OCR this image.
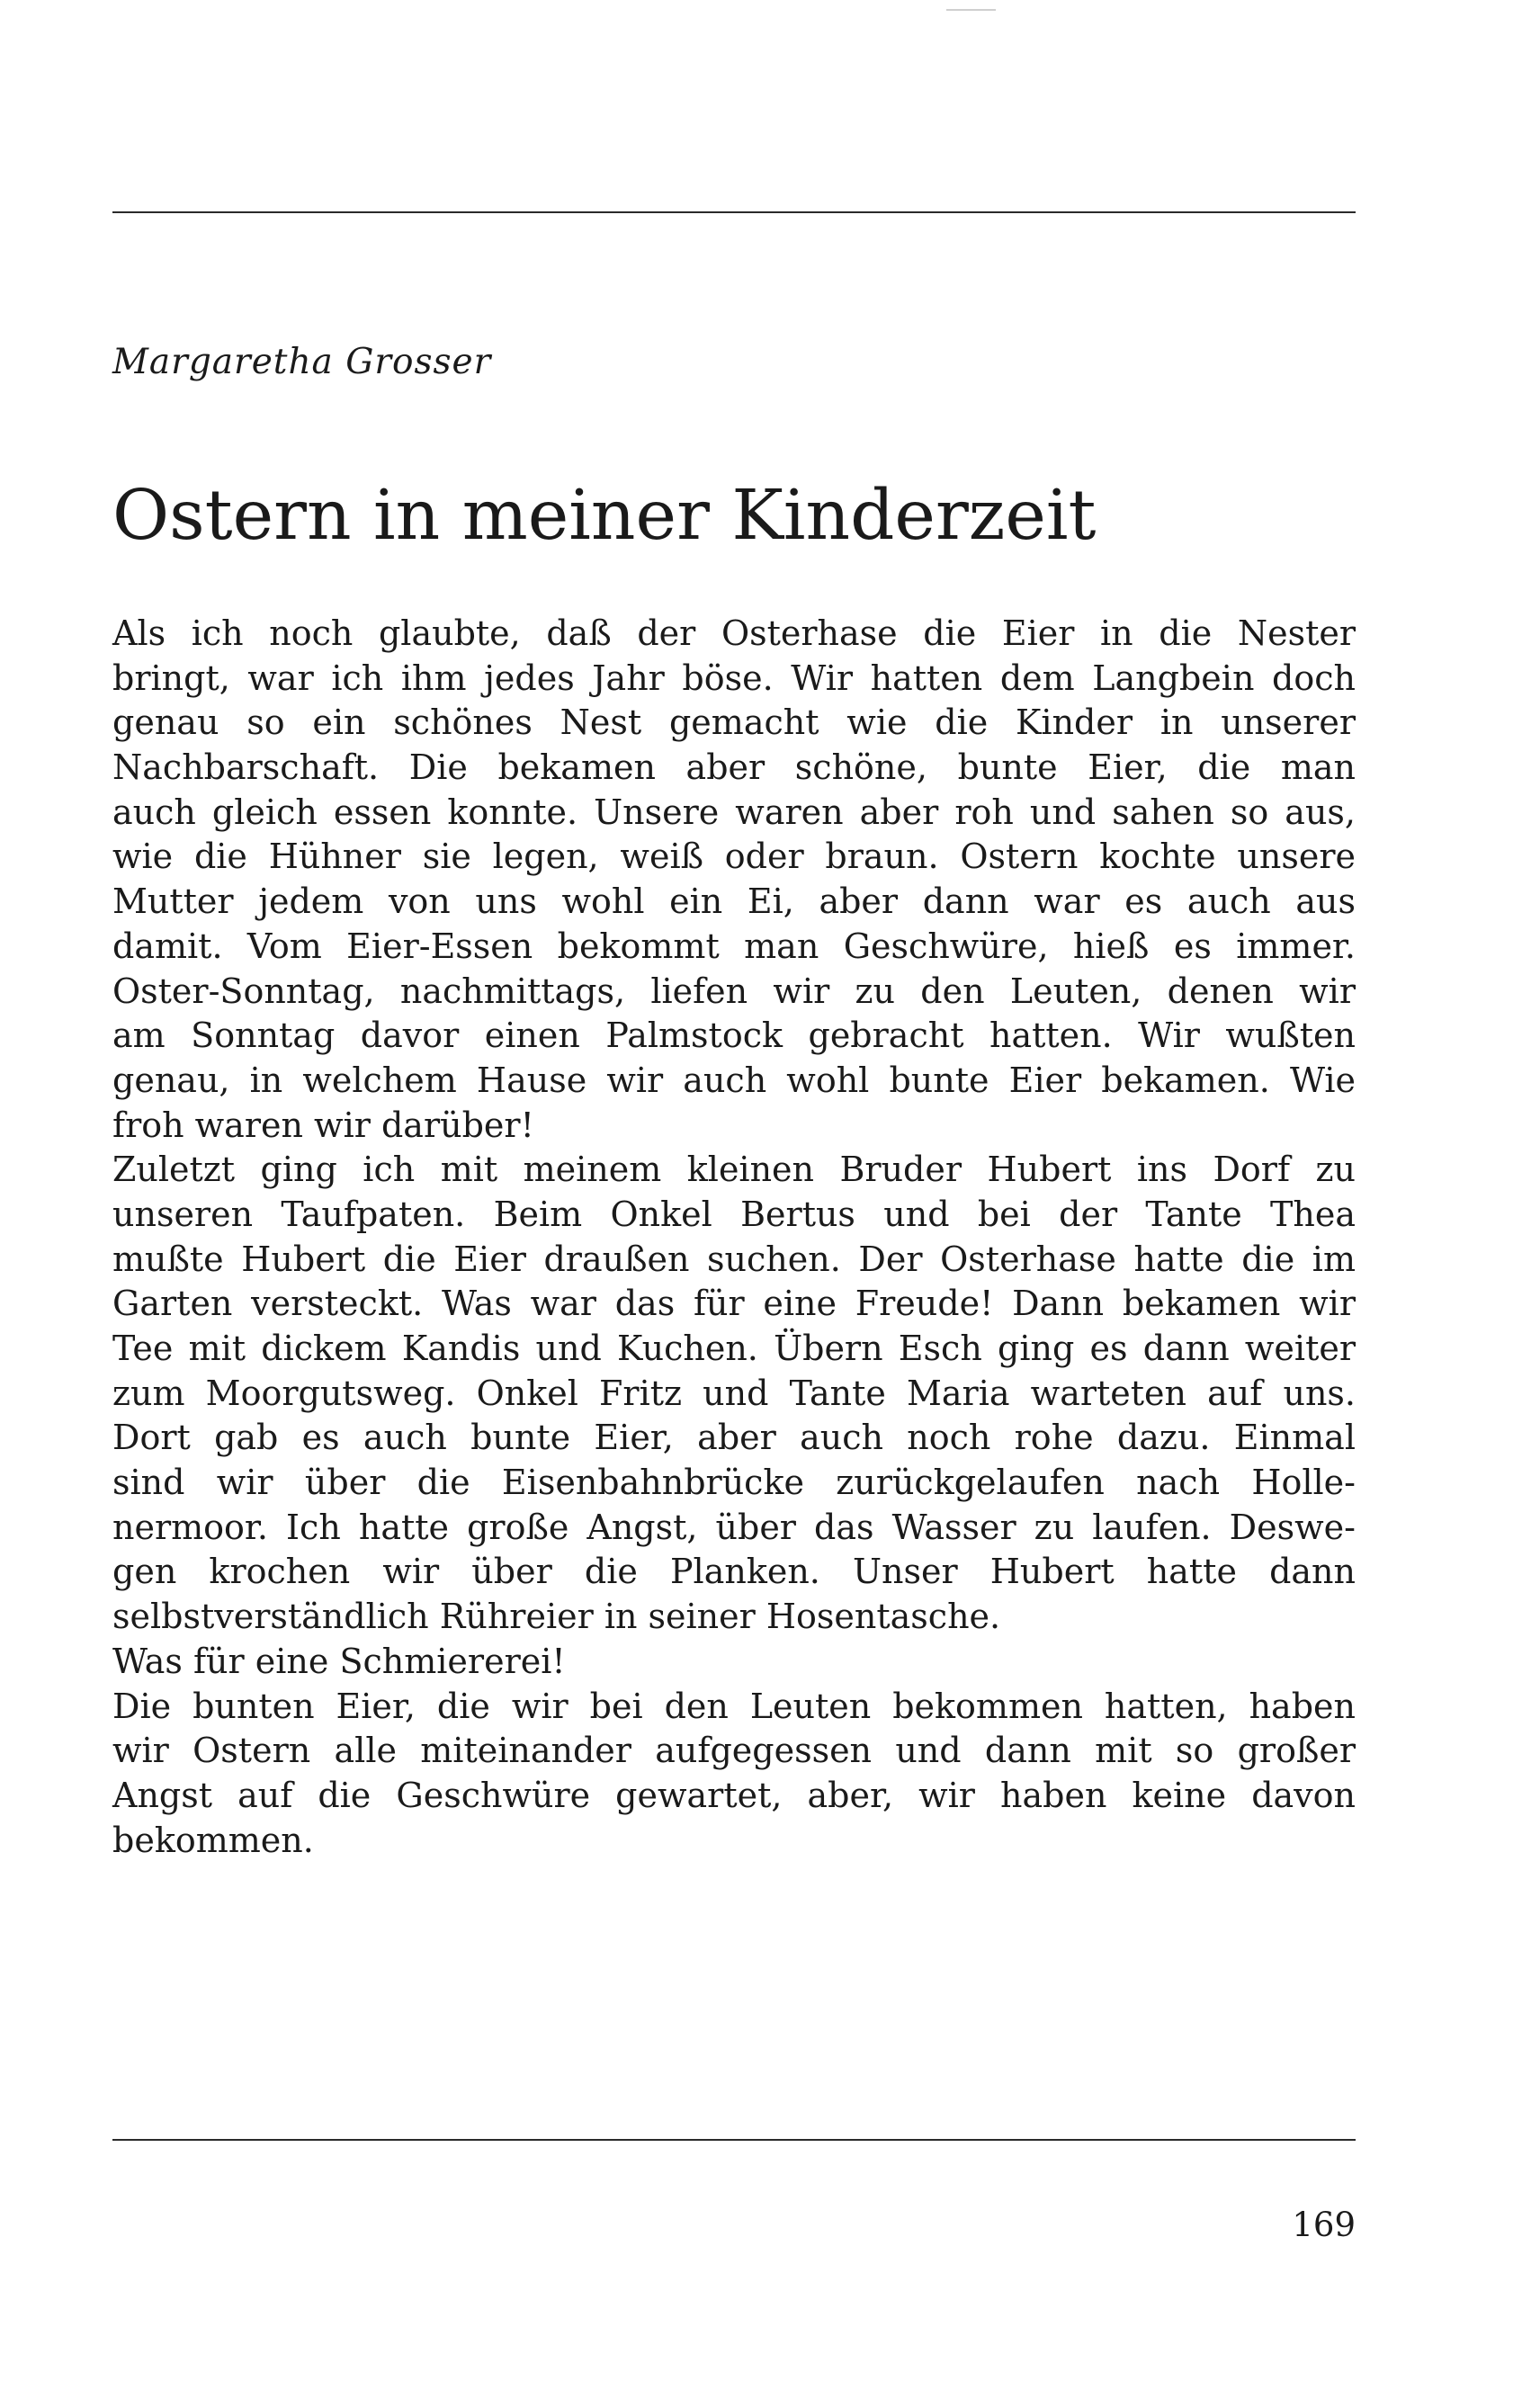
Margaretha Grosser
Ostern in meiner Kinderzeit
Als ich noch glaubte, daß der Osterhase die Eier in die Nester
bringt, war ich ihm jedes Jahr böse. Wir hatten dem Langbein doch
genau so ein schönes Nest gemacht wie die Kinder in unserer
Nachbarschaft. Die bekamen aber schöne, bunte Eier, die man
auch gleich essen konnte. Unsere waren aber roh und sahen so aus,
wie die Hühner sie legen, weiß oder braun. Ostern kochte unsere
Mutter jedem von uns wohl ein Ei, aber dann war es auch aus
damit. Vom Eier-Essen bekommt man Geschwüre, hieß es immer.
Oster-Sonntag, nachmittags, liefen wir zu den Leuten, denen wir
am Sonntag davor einen Palmstock gebracht hatten. Wir wußten
genau, in welchem Hause wir auch wohl bunte Eier bekamen. Wie
froh waren wir darüber!
Zuletzt ging ich mit meinem kleinen Bruder Hubert ins Dorf zu
unseren Taufpaten. Beim Onkel Bertus und bei der Tante Thea
mußte Hubert die Eier draußen suchen. Der Osterhase hatte die im
Garten versteckt. Was war das für eine Freude! Dann bekamen wir
Tee mit dickem Kandis und Kuchen. Übern Esch ging es dann weiter
zum Moorgutsweg. Onkel Fritz und Tante Maria warteten auf uns.
Dort gab es auch bunte Eier, aber auch noch rohe dazu. Einmal
sind wir über die Eisenbahnbrücke zurückgelaufen nach Holle-
nermoor. Ich hatte große Angst, über das Wasser zu laufen. Deswe-
gen krochen wir über die Planken. Unser Hubert hatte dann
selbstverständlich Rühreier in seiner Hosentasche.
Was für eine Schmiererei!
Die bunten Eier, die wir bei den Leuten bekommen hatten, haben
wir Ostern alle miteinander aufgegessen und dann mit so großer
Angst auf die Geschwüre gewartet, aber, wir haben keine davon
bekommen.
169
